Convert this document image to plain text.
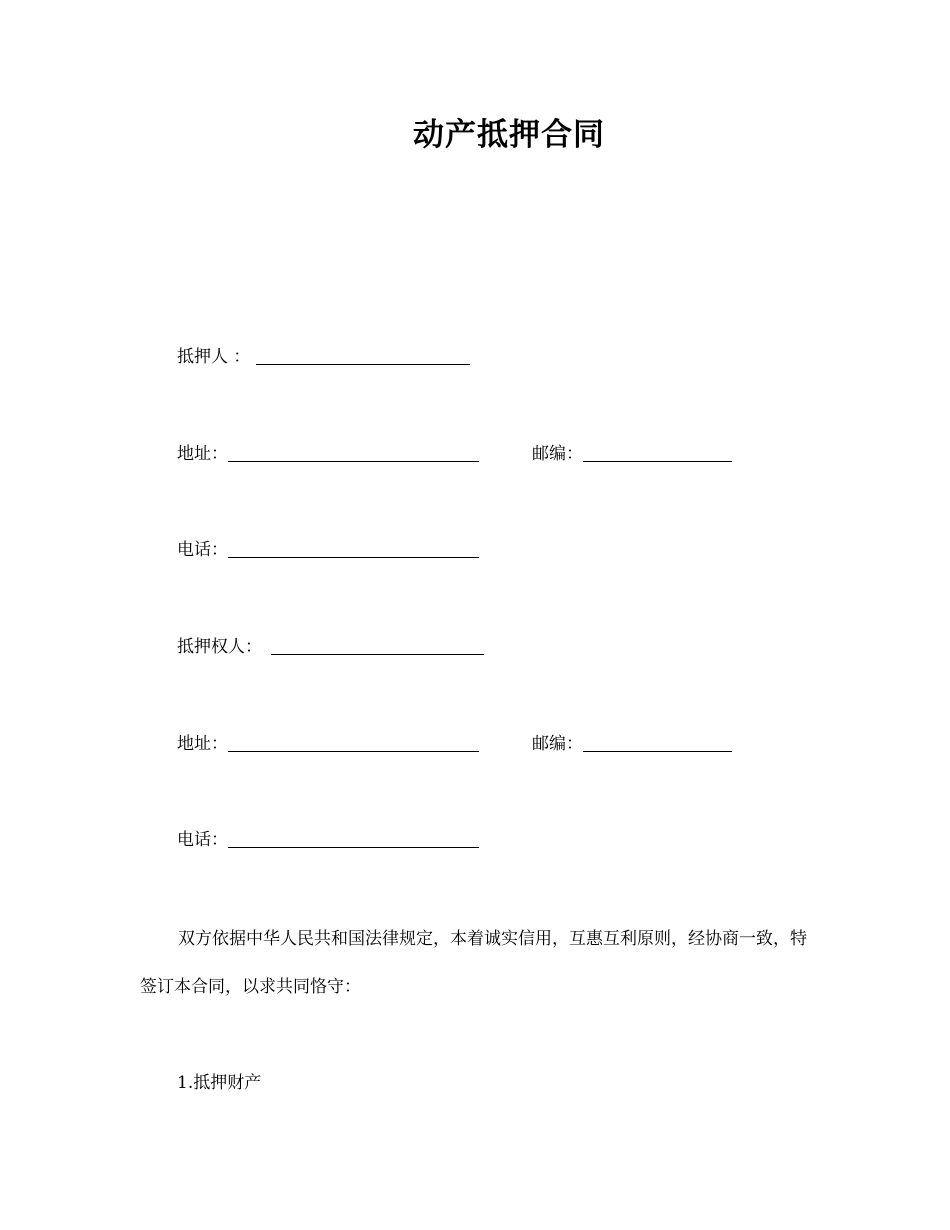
动产抵押合同
抵押人 ：
地址：	邮编：
电话：
抵押权人：
地址：	邮编：
电话：
双方依据中华人民共和国法律规定，本着诚实信用，互惠互利原则，经协商一致，特签订本合同，以求共同恪守：
1.抵押财产
